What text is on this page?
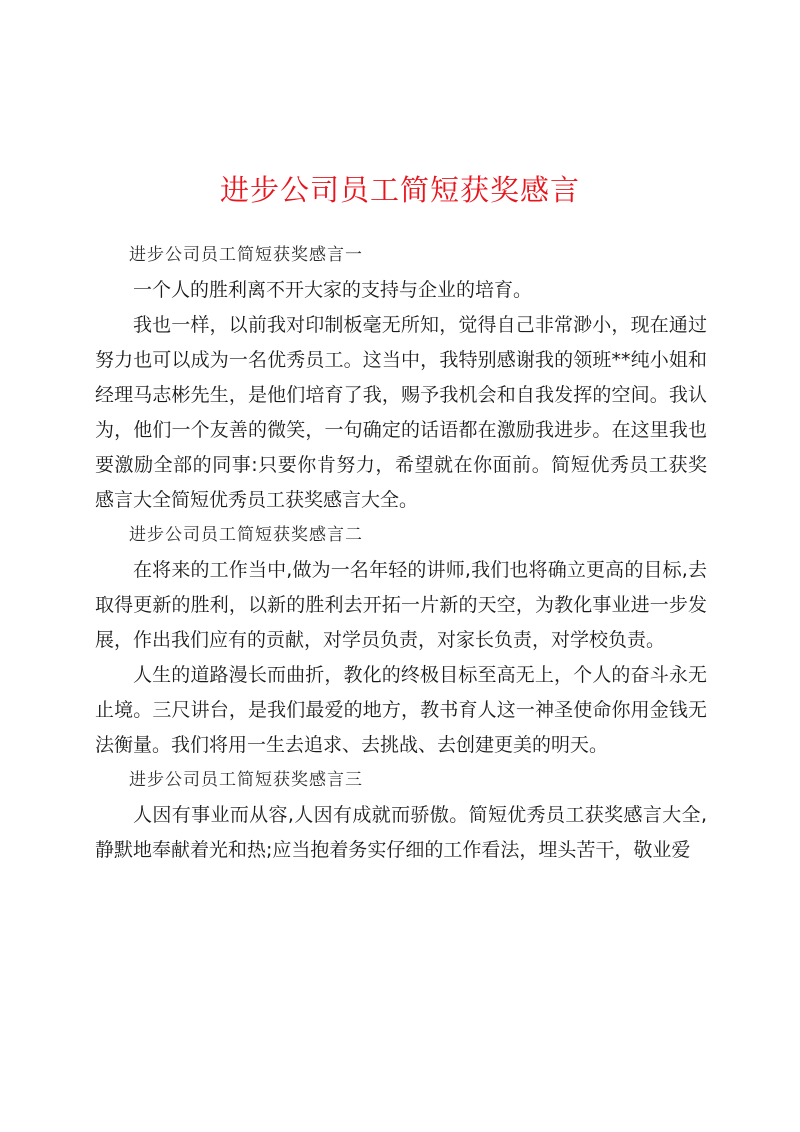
进步公司员工简短获奖感言

进步公司员工简短获奖感言一

一个人的胜利离不开大家的支持与企业的培育。

我也一样，以前我对印制板毫无所知，觉得自己非常渺小，现在通过努力也可以成为一名优秀员工。这当中，我特别感谢我的领班**纯小姐和经理马志彬先生，是他们培育了我，赐予我机会和自我发挥的空间。我认为，他们一个友善的微笑，一句确定的话语都在激励我进步。在这里我也要激励全部的同事:只要你肯努力，希望就在你面前。简短优秀员工获奖感言大全简短优秀员工获奖感言大全。

进步公司员工简短获奖感言二

在将来的工作当中,做为一名年轻的讲师,我们也将确立更高的目标,去取得更新的胜利，以新的胜利去开拓一片新的天空，为教化事业进一步发展，作出我们应有的贡献，对学员负责，对家长负责，对学校负责。

人生的道路漫长而曲折，教化的终极目标至高无上，个人的奋斗永无止境。三尺讲台，是我们最爱的地方，教书育人这一神圣使命你用金钱无法衡量。我们将用一生去追求、去挑战、去创建更美的明天。

进步公司员工简短获奖感言三

人因有事业而从容,人因有成就而骄傲。简短优秀员工获奖感言大全,静默地奉献着光和热;应当抱着务实仔细的工作看法，埋头苦干，敬业爱
